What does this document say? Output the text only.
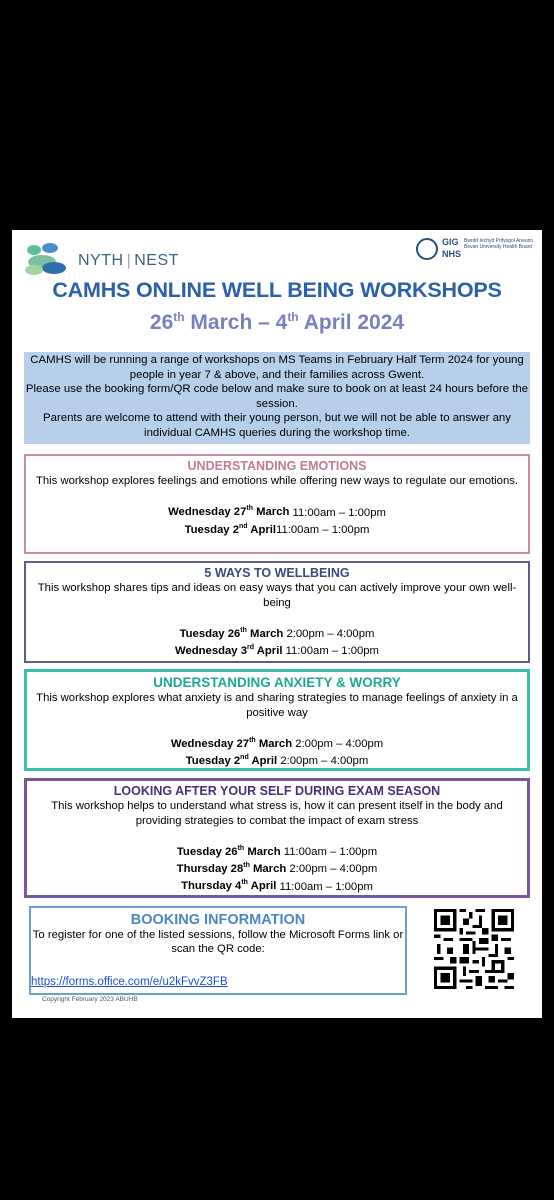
NYTH | NEST
GIG
NHS
Bwrdd Iechyd Prifysgol Aneurin Bevan University Health Board
CAMHS ONLINE WELL BEING WORKSHOPS
26th March – 4th April 2024
CAMHS will be running a range of workshops on MS Teams in February Half Term 2024 for young people in year 7 & above, and their families across Gwent.
Please use the booking form/QR code below and make sure to book on at least 24 hours before the session.
Parents are welcome to attend with their young person, but we will not be able to answer any individual CAMHS queries during the workshop time.
UNDERSTANDING EMOTIONS
This workshop explores feelings and emotions while offering new ways to regulate our emotions.
Wednesday 27th March 11:00am – 1:00pm
Tuesday 2nd April11:00am – 1:00pm
5 WAYS TO WELLBEING
This workshop shares tips and ideas on easy ways that you can actively improve your own well-being
Tuesday 26th March 2:00pm – 4:00pm
Wednesday 3rd April 11:00am – 1:00pm
UNDERSTANDING ANXIETY & WORRY
This workshop explores what anxiety is and sharing strategies to manage feelings of anxiety in a positive way
Wednesday 27th March 2:00pm – 4:00pm
Tuesday 2nd April 2:00pm – 4:00pm
LOOKING AFTER YOUR SELF DURING EXAM SEASON
This workshop helps to understand what stress is, how it can present itself in the body and providing strategies to combat the impact of exam stress
Tuesday 26th March 11:00am – 1:00pm
Thursday 28th March 2:00pm – 4:00pm
Thursday 4th April 11:00am – 1:00pm
BOOKING INFORMATION
To register for one of the listed sessions, follow the Microsoft Forms link or scan the QR code:
https://forms.office.com/e/u2kFvvZ3FB
Copyright February 2023 ABUHB
